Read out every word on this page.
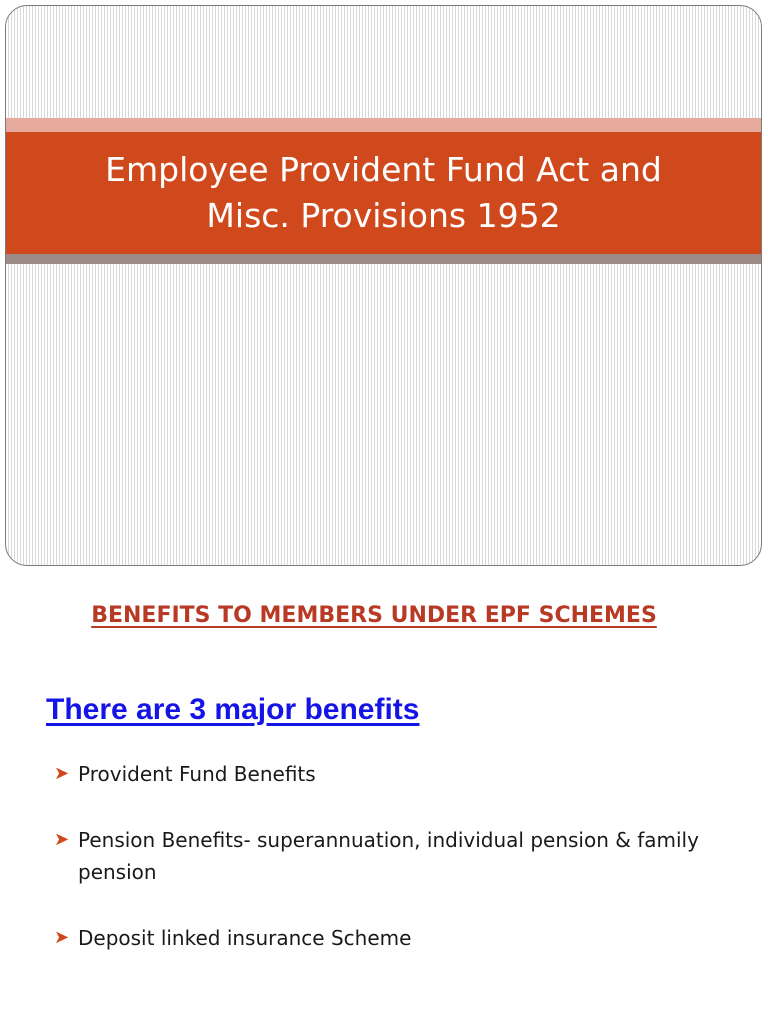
Employee Provident Fund Act and
Misc. Provisions 1952
BENEFITS TO MEMBERS UNDER EPF SCHEMES
There are 3 major benefits
➤ Provident Fund Benefits
➤ Pension Benefits- superannuation, individual pension & family pension
➤ Deposit linked insurance Scheme
